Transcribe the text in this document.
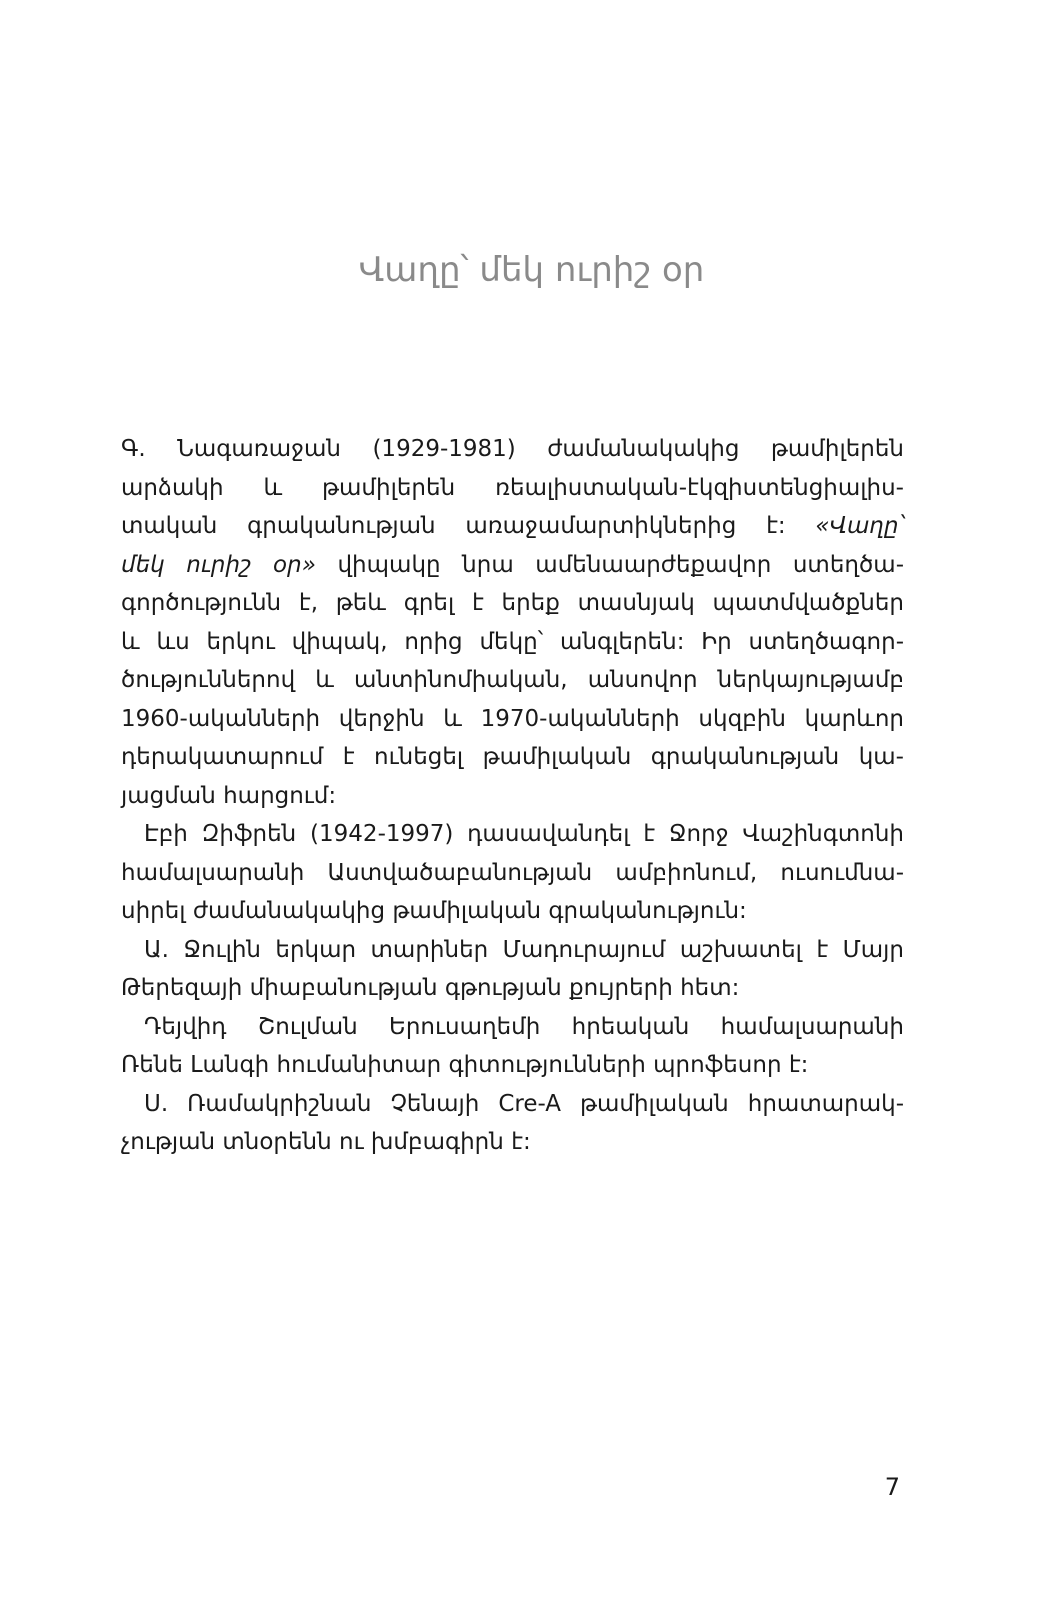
Վաղը՝ մեկ ուրիշ օր
Գ. Նագառաջան (1929-1981) ժամանակակից թամիլերեն
արձակի և թամիլերեն ռեալիստական-էկզիստենցիալիս-
տական գրականության առաջամարտիկներից է: «Վաղը՝
մեկ ուրիշ օր» վիպակը նրա ամենաարժեքավոր ստեղծա-
գործությունն է, թեև գրել է երեք տասնյակ պատմվածքներ
և ևս երկու վիպակ, որից մեկը՝ անգլերեն: Իր ստեղծագոր-
ծություններով և անտինոմիական, անսովոր ներկայությամբ
1960-ականների վերջին և 1970-ականների սկզբին կարևոր
դերակատարում է ունեցել թամիլական գրականության կա-
յացման հարցում:
Էբի Զիֆրեն (1942-1997) դասավանդել է Ջորջ Վաշինգտոնի
համալսարանի Աստվածաբանության ամբիոնում, ուսումնա-
սիրել ժամանակակից թամիլական գրականություն:
Ա. Ջուլին երկար տարիներ Մադուրայում աշխատել է Մայր
Թերեզայի միաբանության գթության քույրերի հետ:
Դեյվիդ Շուլման Երուսաղեմի հրեական համալսարանի
Ռենե Լանգի հումանիտար գիտությունների պրոֆեսոր է:
Ս. Ռամակրիշնան Չենայի Cre-A թամիլական հրատարակ-
չության տնօրենն ու խմբագիրն է:
7
